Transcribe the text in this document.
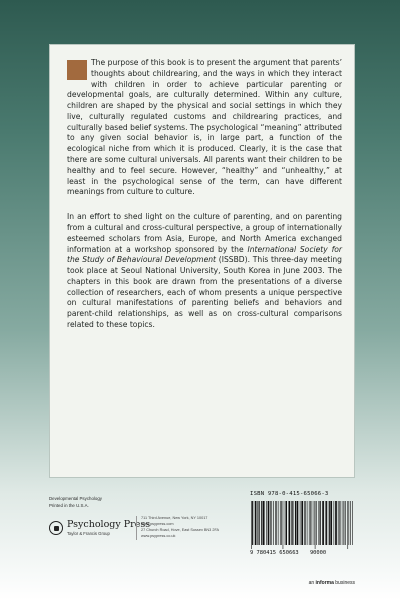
The purpose of this book is to present the argument that parents’ thoughts about childrearing, and the ways in which they interact with children in order to achieve particular parenting or developmental goals, are culturally determined. Within any culture, children are shaped by the physical and social settings in which they live, culturally regulated customs and childrearing practices, and culturally based belief systems. The psychological “meaning” attributed to any given social behavior is, in large part, a function of the ecological niche from which it is produced. Clearly, it is the case that there are some cultural universals. All parents want their children to be healthy and to feel secure. However, “healthy” and “unhealthy,” at least in the psychological sense of the term, can have different meanings from culture to culture.

In an effort to shed light on the culture of parenting, and on parenting from a cultural and cross-cultural perspective, a group of internationally esteemed scholars from Asia, Europe, and North America exchanged information at a workshop sponsored by the International Society for the Study of Behavioural Development (ISSBD). This three-day meeting took place at Seoul National University, South Korea in June 2003. The chapters in this book are drawn from the presentations of a diverse collection of researchers, each of whom presents a unique perspective on cultural manifestations of parenting beliefs and behaviors and parent-child relationships, as well as on cross-cultural comparisons related to these topics.

Developmental Psychology
Printed in the U.S.A.
Psychology Press
Taylor & Francis Group
711 Third Avenue, New York, NY 10017
www.psypress.com
27 Church Road, Hove, East Sussex BN3 2FA
www.psypress.co.uk
ISBN 978-0-415-65066-3
9 780415 650663 90000
an informa business
